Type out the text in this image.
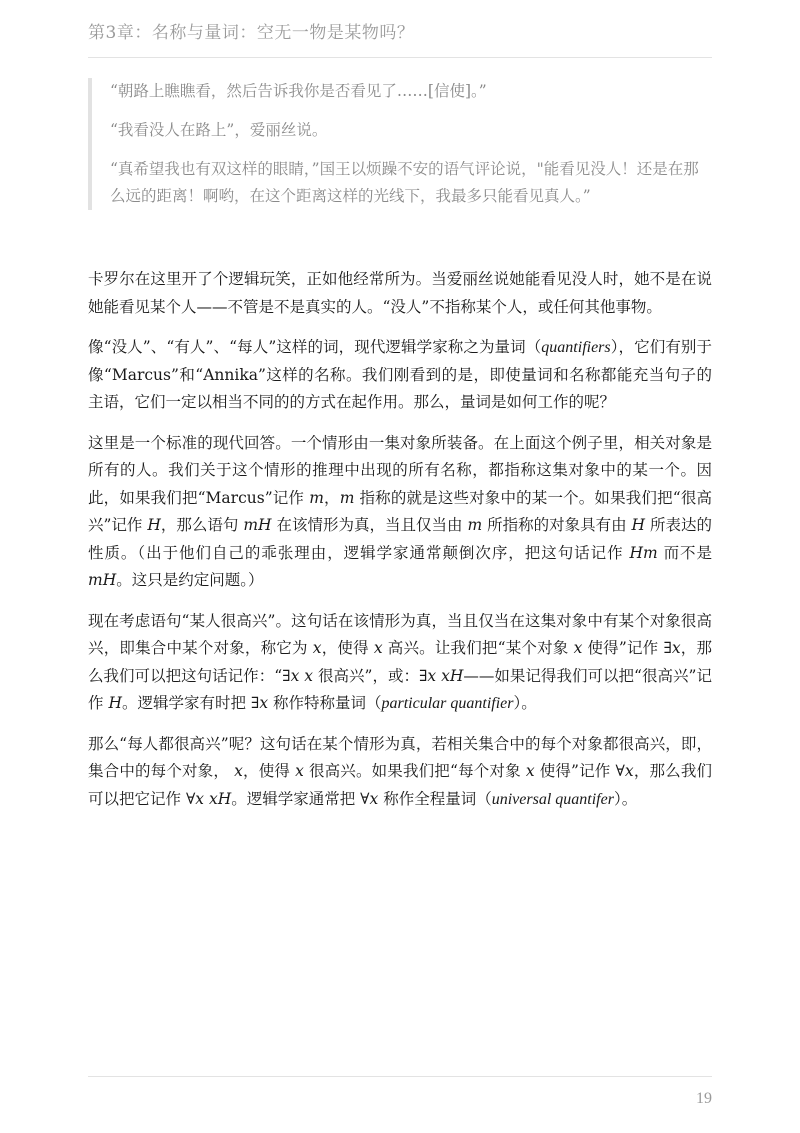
第3章：名称与量词：空无一物是某物吗？

“朝路上瞧瞧看，然后告诉我你是否看见了……[信使]。”

“我看没人在路上”，爱丽丝说。

“真希望我也有双这样的眼睛，”国王以烦躁不安的语气评论说，"能看见没人！还是在那么远的距离！啊哟，在这个距离这样的光线下，我最多只能看见真人。”

卡罗尔在这里开了个逻辑玩笑，正如他经常所为。当爱丽丝说她能看见没人时，她不是在说她能看见某个人——不管是不是真实的人。“没人”不指称某个人，或任何其他事物。

像“没人”、“有人”、“每人”这样的词，现代逻辑学家称之为量词（quantifiers），它们有别于像“Marcus”和“Annika”这样的名称。我们刚看到的是，即使量词和名称都能充当句子的主语，它们一定以相当不同的的方式在起作用。那么，量词是如何工作的呢？

这里是一个标准的现代回答。一个情形由一集对象所装备。在上面这个例子里，相关对象是所有的人。我们关于这个情形的推理中出现的所有名称，都指称这集对象中的某一个。因此，如果我们把“Marcus”记作 m，m 指称的就是这些对象中的某一个。如果我们把“很高兴”记作 H，那么语句 mH 在该情形为真，当且仅当由 m 所指称的对象具有由 H 所表达的性质。（出于他们自己的乖张理由，逻辑学家通常颠倒次序，把这句话记作 Hm 而不是 mH。这只是约定问题。）

现在考虑语句“某人很高兴”。这句话在该情形为真，当且仅当在这集对象中有某个对象很高兴，即集合中某个对象，称它为 x，使得 x 高兴。让我们把“某个对象 x 使得”记作 ∃x，那么我们可以把这句话记作：“∃x x 很高兴”，或：∃x xH——如果记得我们可以把“很高兴”记作 H。逻辑学家有时把 ∃x 称作特称量词（particular quantifier）。

那么“每人都很高兴”呢？这句话在某个情形为真，若相关集合中的每个对象都很高兴，即，集合中的每个对象， x，使得 x 很高兴。如果我们把“每个对象 x 使得”记作 ∀x，那么我们可以把它记作 ∀x xH。逻辑学家通常把 ∀x 称作全程量词（universal quantifer）。

19
